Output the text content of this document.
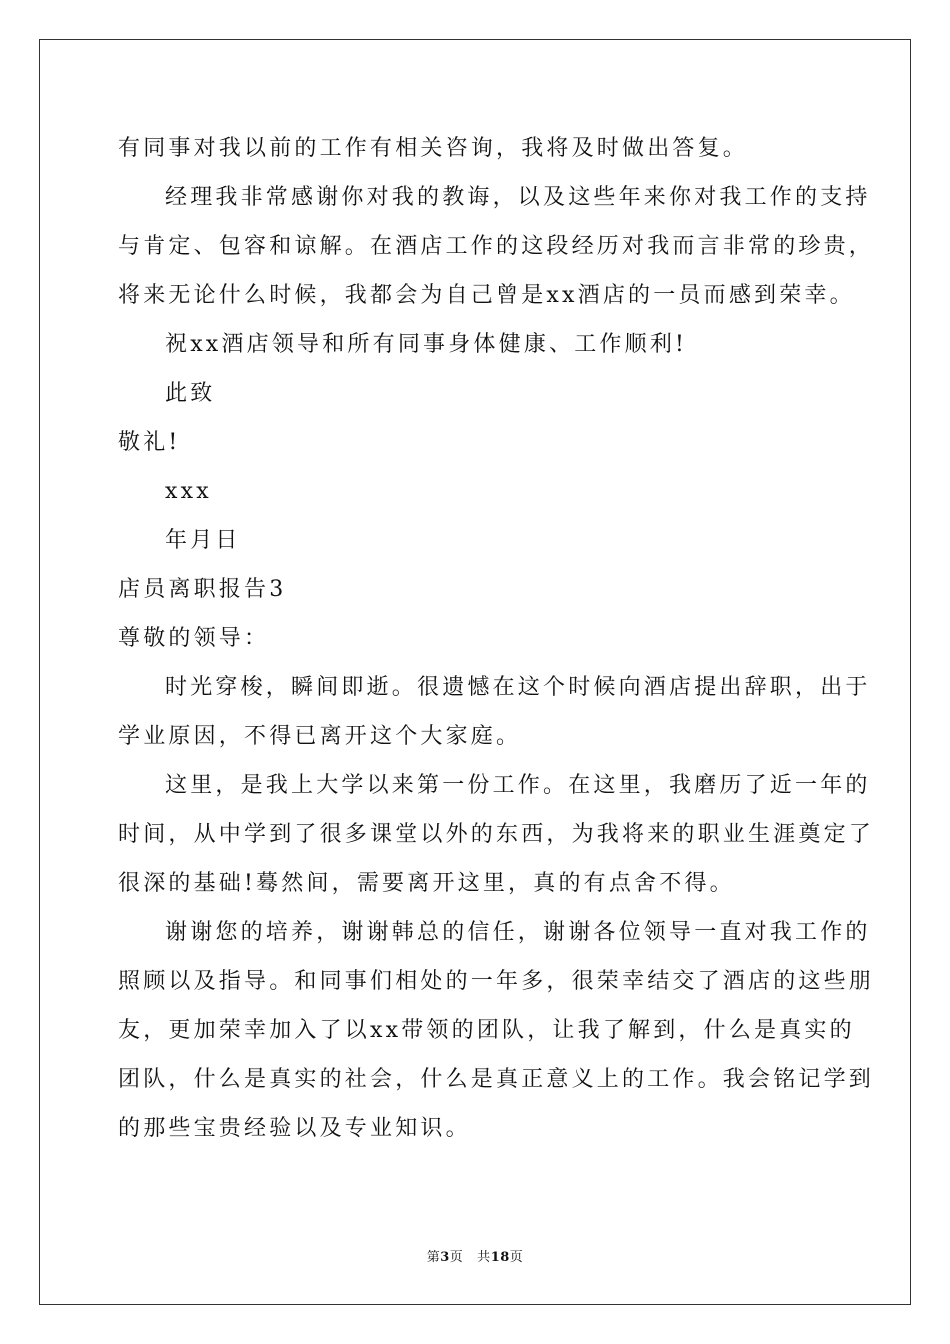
有同事对我以前的工作有相关咨询，我将及时做出答复。
经理我非常感谢你对我的教诲，以及这些年来你对我工作的支持
与肯定、包容和谅解。在酒店工作的这段经历对我而言非常的珍贵，
将来无论什么时候，我都会为自己曾是xx酒店的一员而感到荣幸。
祝xx酒店领导和所有同事身体健康、工作顺利!
此致
敬礼!
xxx
年月日
店员离职报告3
尊敬的领导：
时光穿梭，瞬间即逝。很遗憾在这个时候向酒店提出辞职，出于
学业原因，不得已离开这个大家庭。
这里，是我上大学以来第一份工作。在这里，我磨历了近一年的
时间，从中学到了很多课堂以外的东西，为我将来的职业生涯奠定了
很深的基础!蓦然间，需要离开这里，真的有点舍不得。
谢谢您的培养，谢谢韩总的信任，谢谢各位领导一直对我工作的
照顾以及指导。和同事们相处的一年多，很荣幸结交了酒店的这些朋
友，更加荣幸加入了以xx带领的团队，让我了解到，什么是真实的
团队，什么是真实的社会，什么是真正意义上的工作。我会铭记学到
的那些宝贵经验以及专业知识。
第3页 共18页
